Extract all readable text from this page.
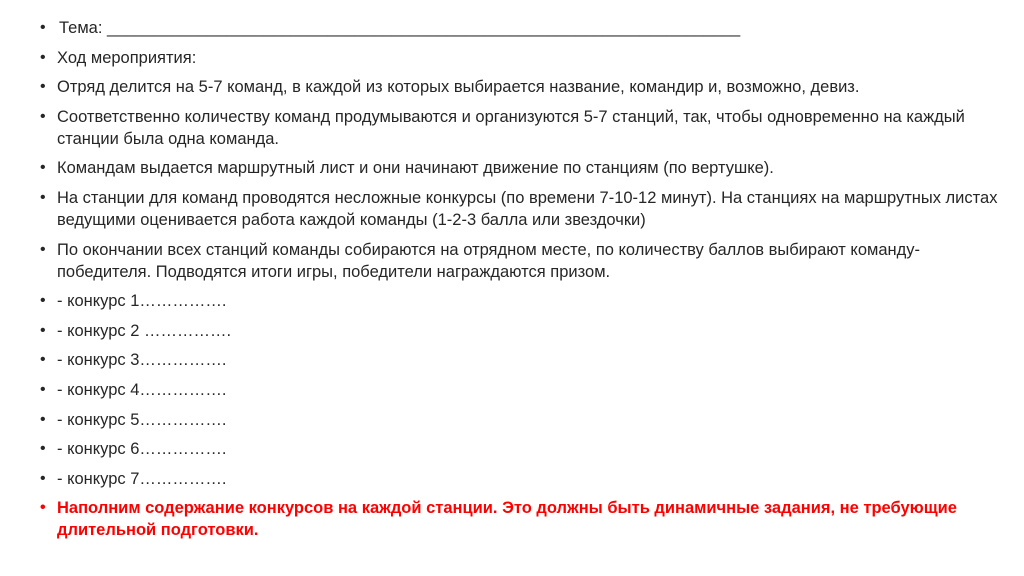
• Тема: _____________________________________________________________________
• Ход мероприятия:
• Отряд делится на 5-7 команд, в каждой из которых выбирается название, командир и, возможно, девиз.
• Соответственно количеству команд продумываются и организуются 5-7 станций, так, чтобы одновременно на каждый станции была одна команда.
• Командам выдается маршрутный лист и они начинают движение по станциям (по вертушке).
• На станции для команд проводятся несложные конкурсы (по времени 7-10-12 минут). На станциях на маршрутных листах ведущими оценивается работа каждой команды (1-2-3 балла или звездочки)
• По окончании всех станций команды собираются на отрядном месте, по количеству баллов выбирают команду-победителя. Подводятся итоги игры, победители награждаются призом.
• - конкурс 1…………….
• - конкурс 2 …………….
• - конкурс 3…………….
• - конкурс 4…………….
• - конкурс 5…………….
• - конкурс 6…………….
• - конкурс 7…………….
• Наполним содержание конкурсов на каждой станции. Это должны быть динамичные задания, не требующие длительной подготовки.
